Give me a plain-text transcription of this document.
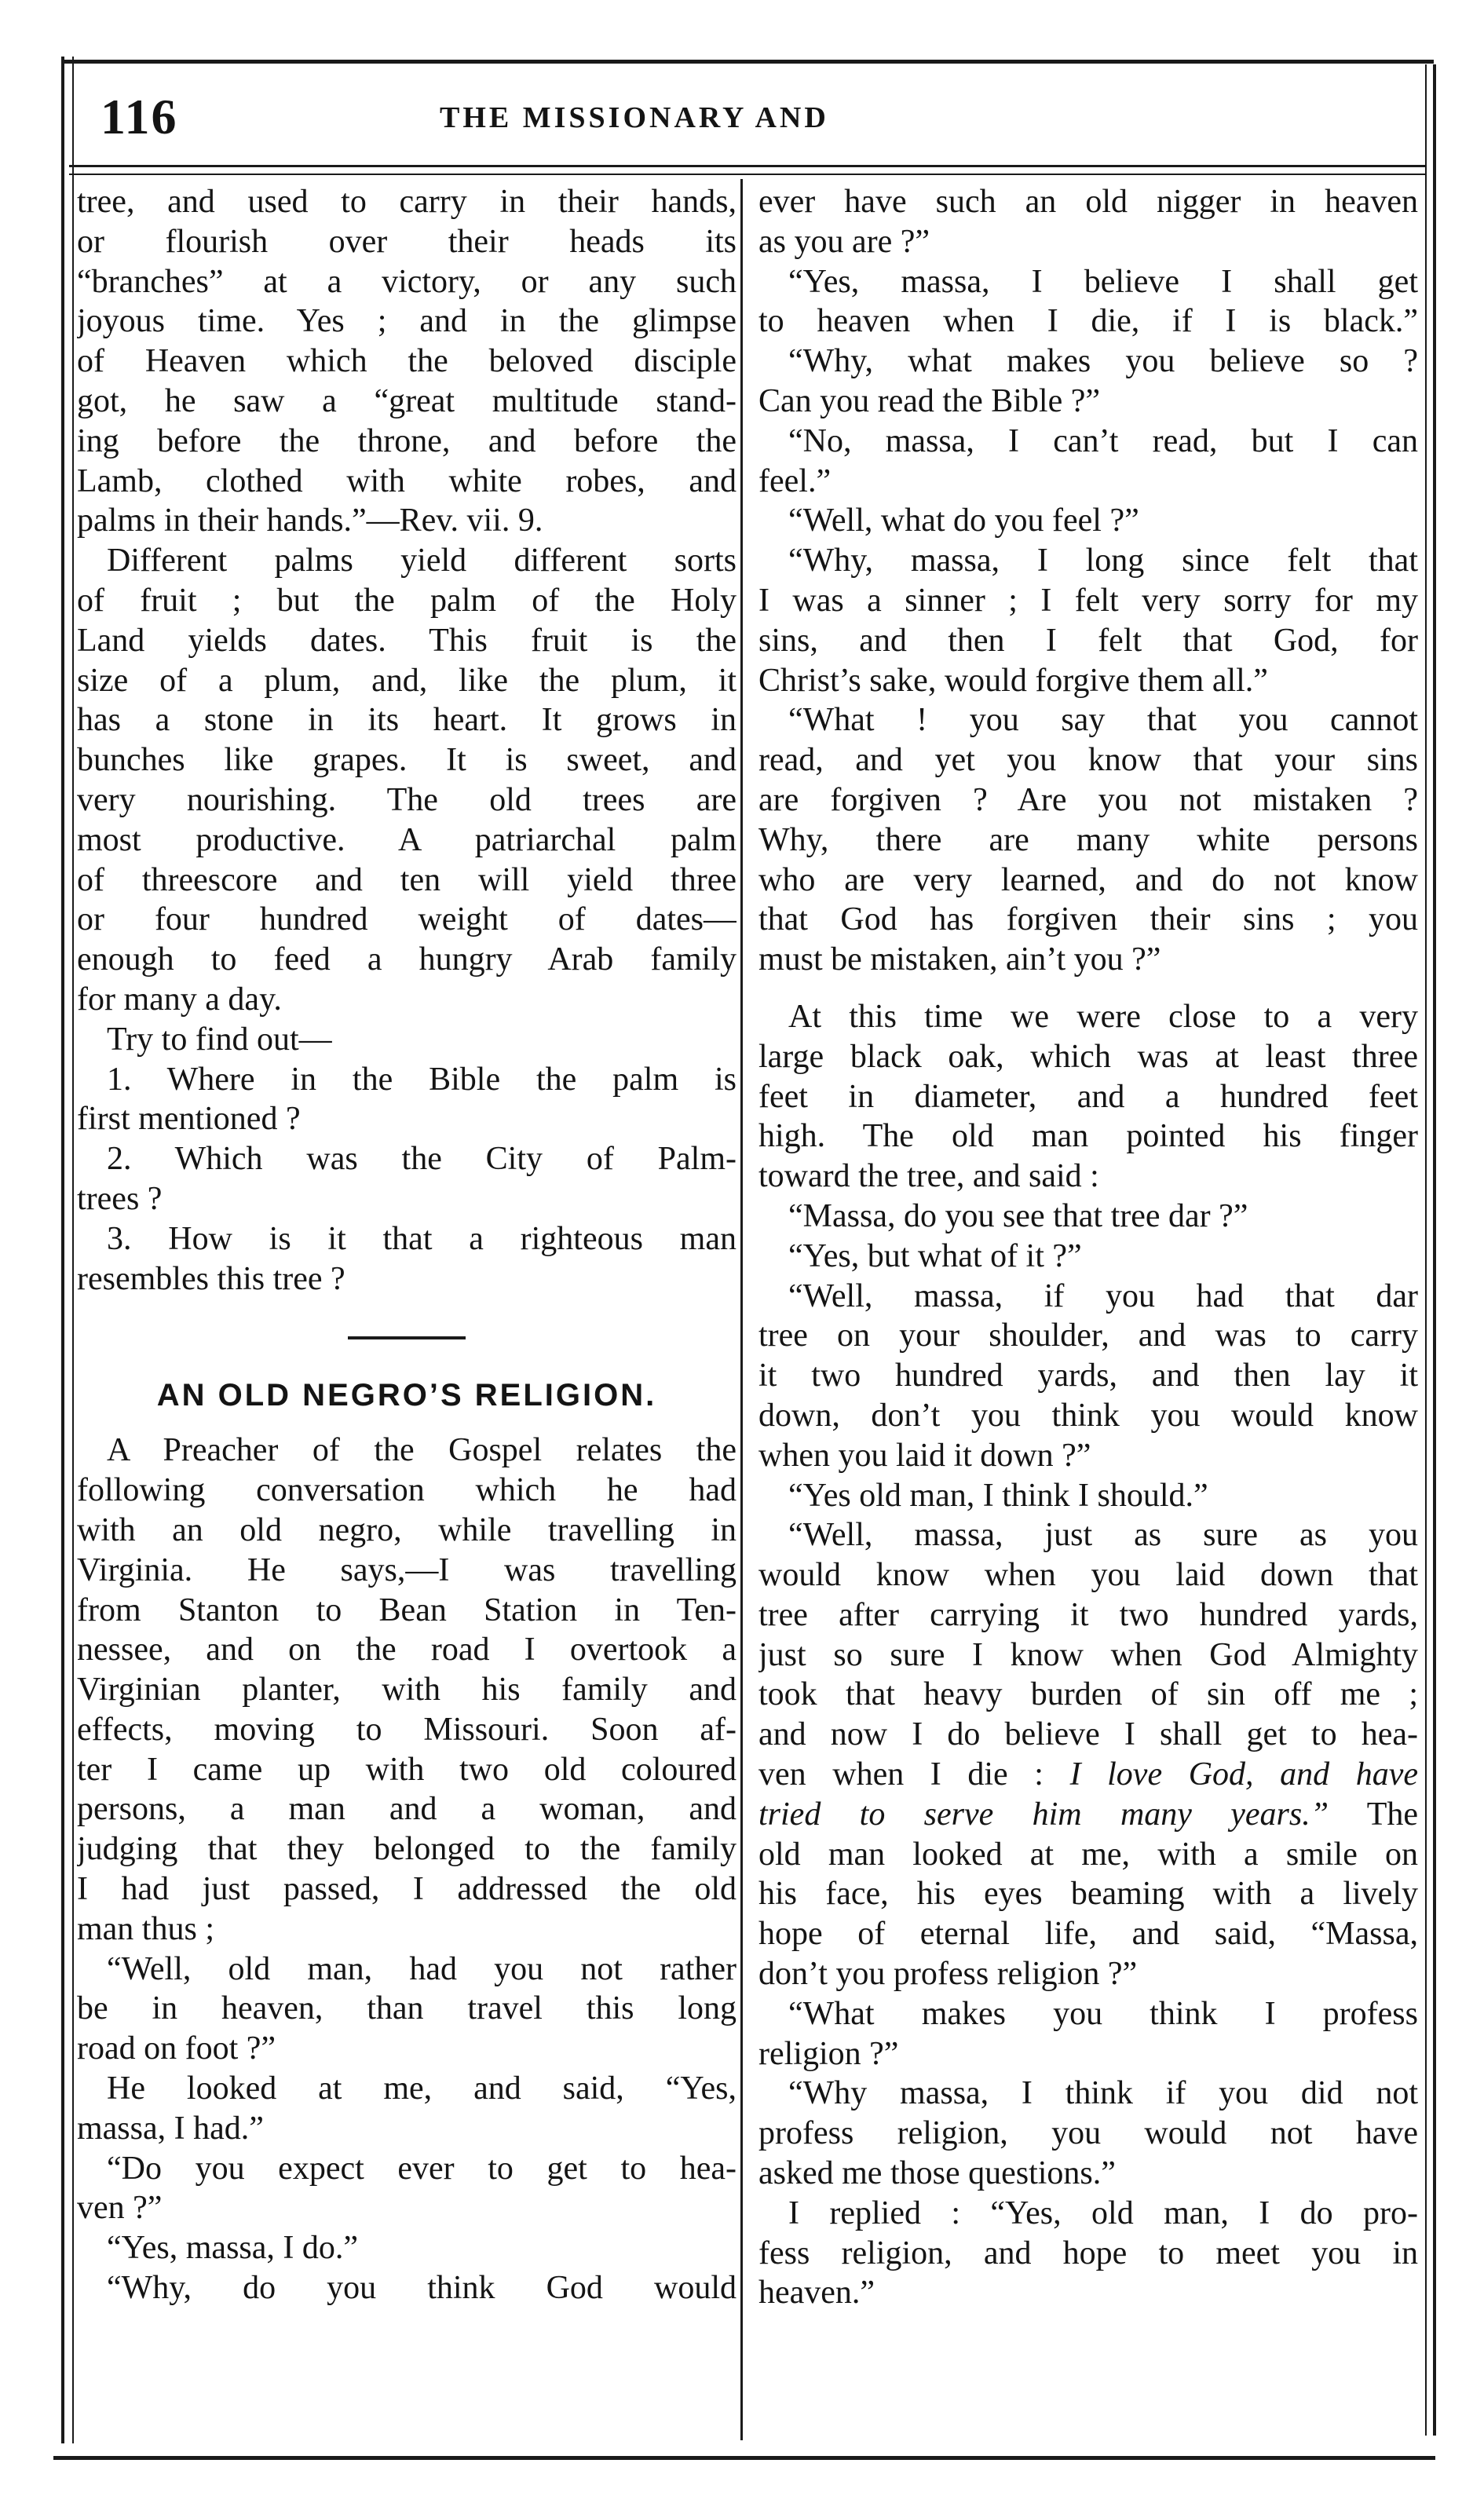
116	THE MISSIONARY AND
tree, and used to carry in their hands,
or flourish over their heads its
“branches” at a victory, or any such
joyous time. Yes ; and in the glimpse
of Heaven which the beloved disciple
got, he saw a “great multitude stand-
ing before the throne, and before the
Lamb, clothed with white robes, and
palms in their hands.”—Rev. vii. 9.
Different palms yield different sorts
of fruit ; but the palm of the Holy
Land yields dates. This fruit is the
size of a plum, and, like the plum, it
has a stone in its heart. It grows in
bunches like grapes. It is sweet, and
very nourishing. The old trees are
most productive. A patriarchal palm
of threescore and ten will yield three
or four hundred weight of dates—
enough to feed a hungry Arab family
for many a day.
Try to find out—
1. Where in the Bible the palm is
first mentioned ?
2. Which was the City of Palm-
trees ?
3. How is it that a righteous man
resembles this tree ?
AN OLD NEGRO’S RELIGION.
A Preacher of the Gospel relates the
following conversation which he had
with an old negro, while travelling in
Virginia. He says,—I was travelling
from Stanton to Bean Station in Ten-
nessee, and on the road I overtook a
Virginian planter, with his family and
effects, moving to Missouri. Soon af-
ter I came up with two old coloured
persons, a man and a woman, and
judging that they belonged to the family
I had just passed, I addressed the old
man thus ;
“Well, old man, had you not rather
be in heaven, than travel this long
road on foot ?”
He looked at me, and said, “Yes,
massa, I had.”
“Do you expect ever to get to hea-
ven ?”
“Yes, massa, I do.”
“Why, do you think God would
ever have such an old nigger in heaven
as you are ?”
“Yes, massa, I believe I shall get
to heaven when I die, if I is black.”
“Why, what makes you believe so ?
Can you read the Bible ?”
“No, massa, I can’t read, but I can
feel.”
“Well, what do you feel ?”
“Why, massa, I long since felt that
I was a sinner ; I felt very sorry for my
sins, and then I felt that God, for
Christ’s sake, would forgive them all.”
“What ! you say that you cannot
read, and yet you know that your sins
are forgiven ? Are you not mistaken ?
Why, there are many white persons
who are very learned, and do not know
that God has forgiven their sins ; you
must be mistaken, ain’t you ?”
At this time we were close to a very
large black oak, which was at least three
feet in diameter, and a hundred feet
high. The old man pointed his finger
toward the tree, and said :
“Massa, do you see that tree dar ?”
“Yes, but what of it ?”
“Well, massa, if you had that dar
tree on your shoulder, and was to carry
it two hundred yards, and then lay it
down, don’t you think you would know
when you laid it down ?”
“Yes old man, I think I should.”
“Well, massa, just as sure as you
would know when you laid down that
tree after carrying it two hundred yards,
just so sure I know when God Almighty
took that heavy burden of sin off me ;
and now I do believe I shall get to hea-
ven when I die : I love God, and have
tried to serve him many years.” The
old man looked at me, with a smile on
his face, his eyes beaming with a lively
hope of eternal life, and said, “Massa,
don’t you profess religion ?”
“What makes you think I profess
religion ?”
“Why massa, I think if you did not
profess religion, you would not have
asked me those questions.”
I replied : “Yes, old man, I do pro-
fess religion, and hope to meet you in
heaven.”
